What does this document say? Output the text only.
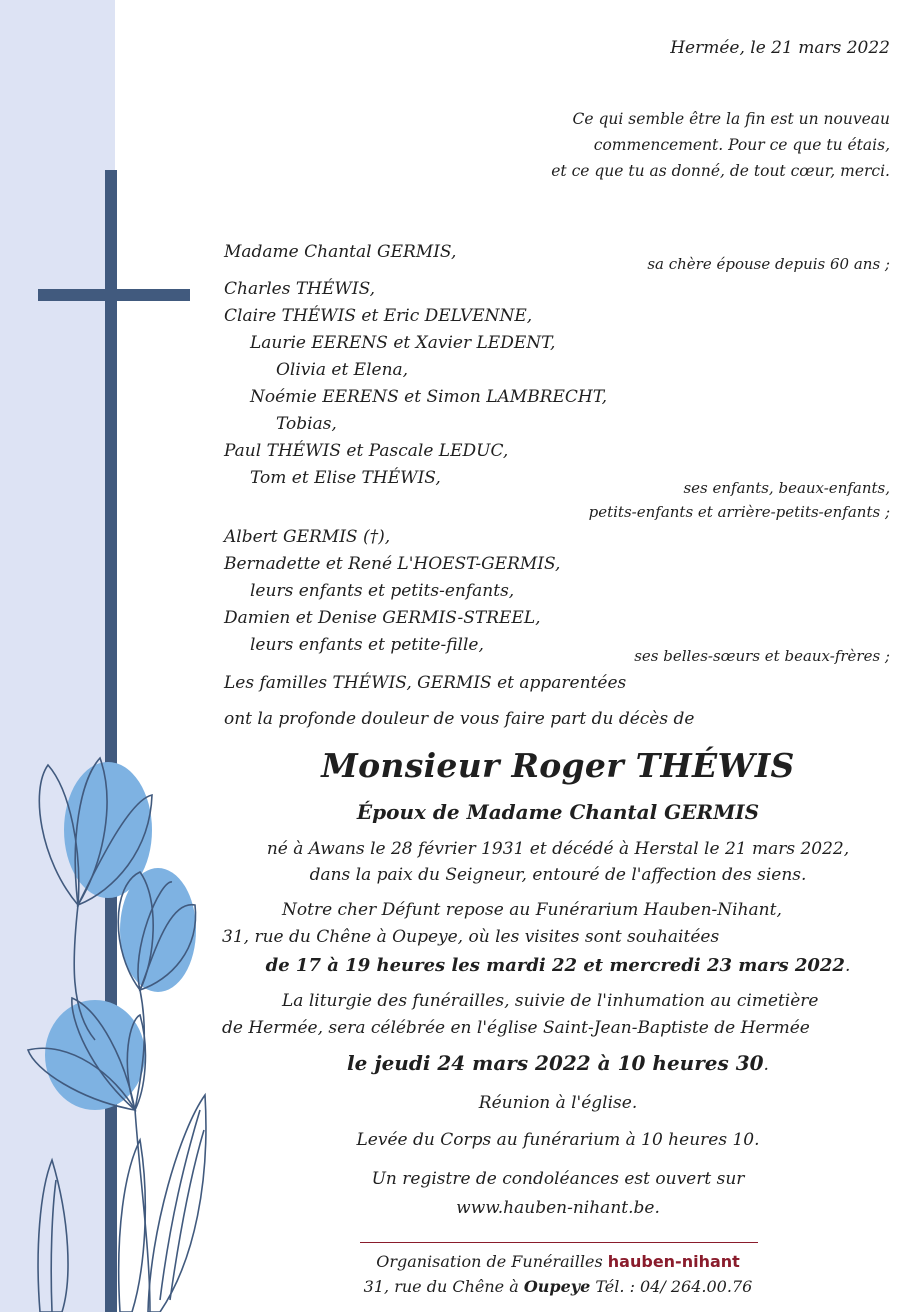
Hermée, le 21 mars 2022
Ce qui semble être la fin est un nouveau
commencement. Pour ce que tu étais,
et ce que tu as donné, de tout cœur, merci.
Madame Chantal GERMIS,
sa chère épouse depuis 60 ans ;
Charles THÉWIS,
Claire THÉWIS et Eric DELVENNE,
Laurie EERENS et Xavier LEDENT,
Olivia et Elena,
Noémie EERENS et Simon LAMBRECHT,
Tobias,
Paul THÉWIS et Pascale LEDUC,
Tom et Elise THÉWIS,	ses enfants, beaux-enfants,
petits-enfants et arrière-petits-enfants ;
Albert GERMIS (†),
Bernadette et René L'HOEST-GERMIS,
leurs enfants et petits-enfants,
Damien et Denise GERMIS-STREEL,
leurs enfants et petite-fille,
ses belles-sœurs et beaux-frères ;
Les familles THÉWIS, GERMIS et apparentées
ont la profonde douleur de vous faire part du décès de
Monsieur Roger THÉWIS
Époux de Madame Chantal GERMIS
né à Awans le 28 février 1931 et décédé à Herstal le 21 mars 2022,
dans la paix du Seigneur, entouré de l'affection des siens.
Notre cher Défunt repose au Funérarium Hauben-Nihant,
31, rue du Chêne à Oupeye, où les visites sont souhaitées
de 17 à 19 heures les mardi 22 et mercredi 23 mars 2022.
La liturgie des funérailles, suivie de l'inhumation au cimetière
de Hermée, sera célébrée en l'église Saint-Jean-Baptiste de Hermée
le jeudi 24 mars 2022 à 10 heures 30.
Réunion à l'église.
Levée du Corps au funérarium à 10 heures 10.
Un registre de condoléances est ouvert sur
www.hauben-nihant.be.
Organisation de Funérailles hauben-nihant
31, rue du Chêne à Oupeye Tél. : 04/ 264.00.76
